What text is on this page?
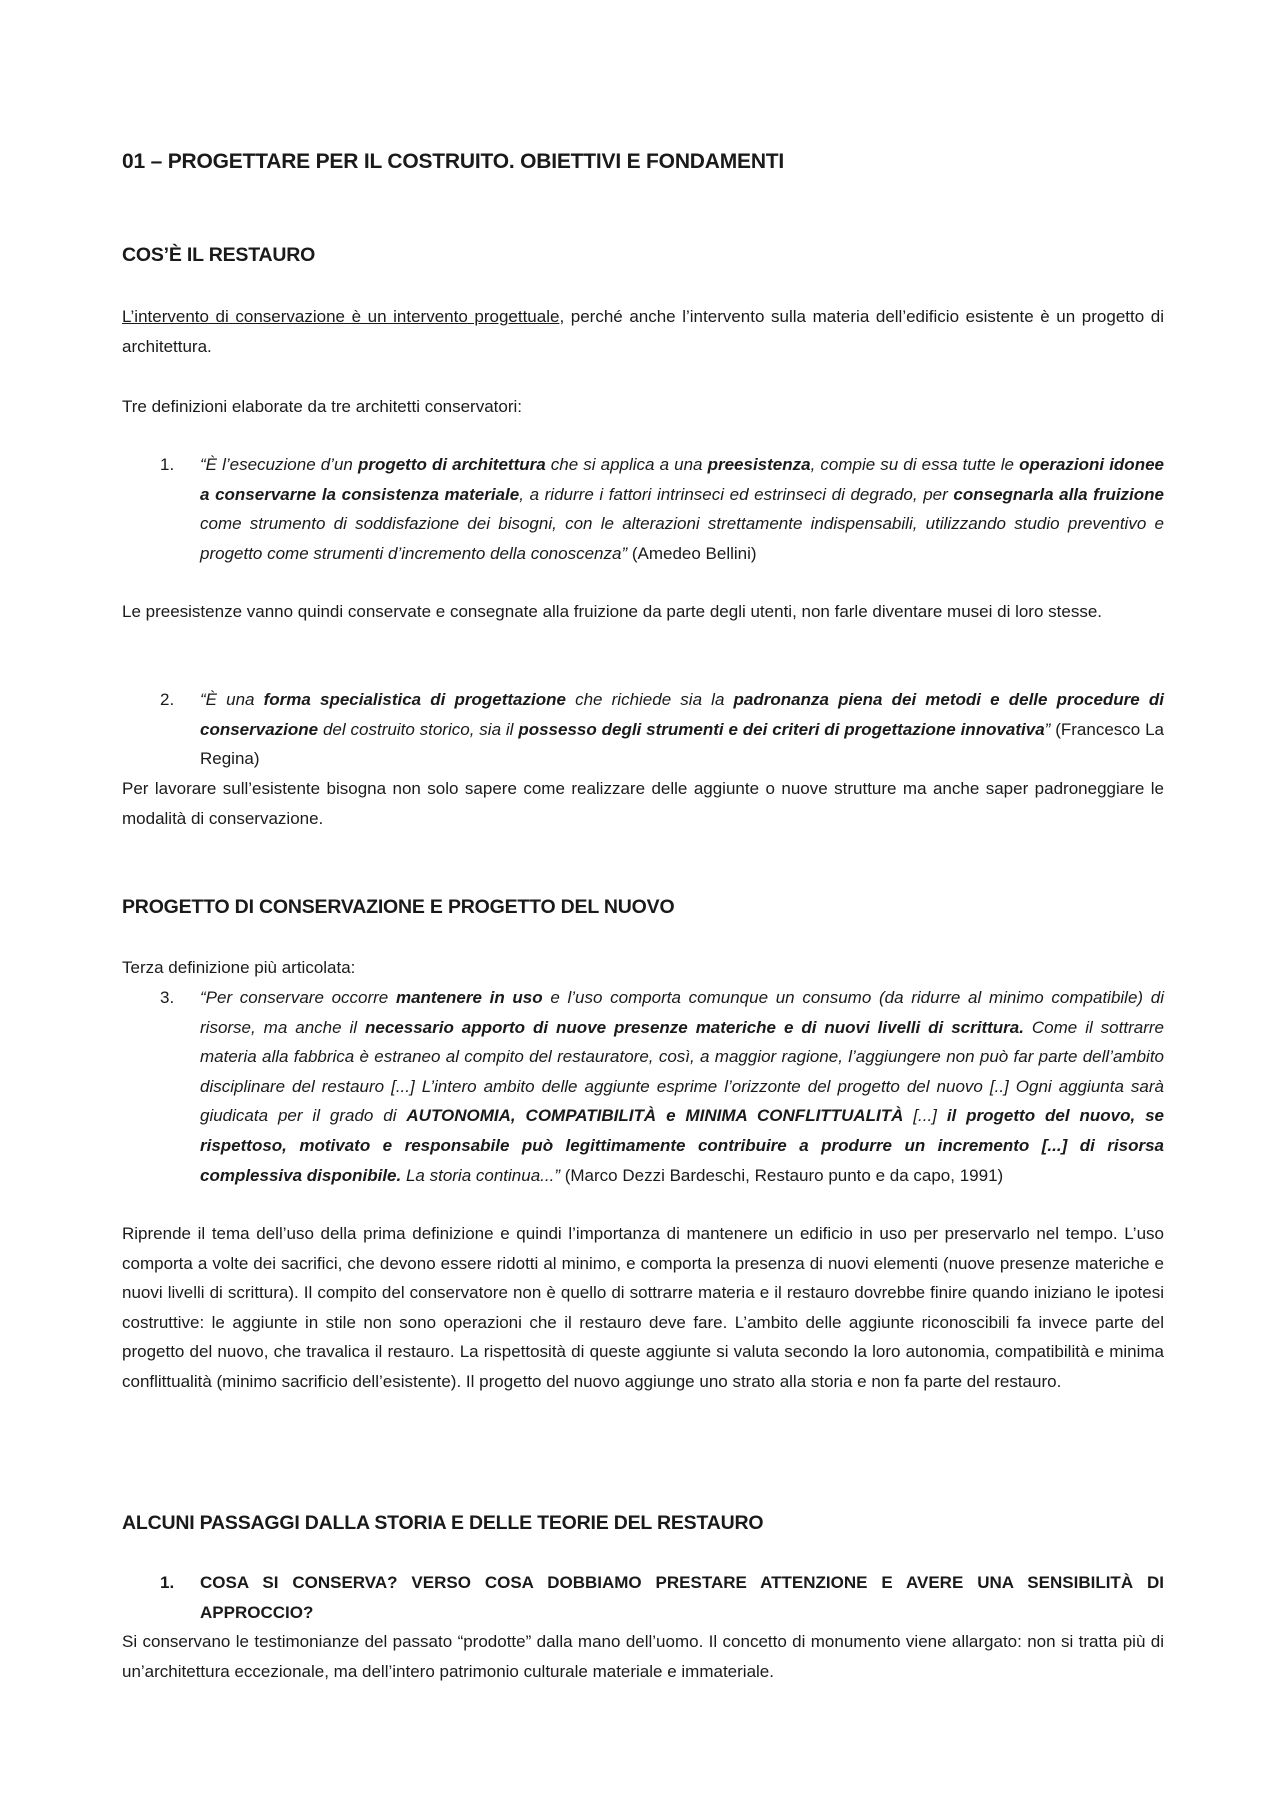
01 – PROGETTARE PER IL COSTRUITO. OBIETTIVI E FONDAMENTI
COS’È IL RESTAURO

L’intervento di conservazione è un intervento progettuale, perché anche l’intervento sulla materia dell’edificio esistente è un progetto di architettura.

Tre definizioni elaborate da tre architetti conservatori:

1. “È l’esecuzione d’un progetto di architettura che si applica a una preesistenza, compie su di essa tutte le operazioni idonee a conservarne la consistenza materiale, a ridurre i fattori intrinseci ed estrinseci di degrado, per consegnarla alla fruizione come strumento di soddisfazione dei bisogni, con le alterazioni strettamente indispensabili, utilizzando studio preventivo e progetto come strumenti d’incremento della conoscenza” (Amedeo Bellini)

Le preesistenze vanno quindi conservate e consegnate alla fruizione da parte degli utenti, non farle diventare musei di loro stesse.

2. “È una forma specialistica di progettazione che richiede sia la padronanza piena dei metodi e delle procedure di conservazione del costruito storico, sia il possesso degli strumenti e dei criteri di progettazione innovativa” (Francesco La Regina)

Per lavorare sull’esistente bisogna non solo sapere come realizzare delle aggiunte o nuove strutture ma anche saper padroneggiare le modalità di conservazione.

PROGETTO DI CONSERVAZIONE E PROGETTO DEL NUOVO

Terza definizione più articolata:

3. “Per conservare occorre mantenere in uso e l’uso comporta comunque un consumo (da ridurre al minimo compatibile) di risorse, ma anche il necessario apporto di nuove presenze materiche e di nuovi livelli di scrittura. Come il sottrarre materia alla fabbrica è estraneo al compito del restauratore, così, a maggior ragione, l’aggiungere non può far parte dell’ambito disciplinare del restauro [...] L’intero ambito delle aggiunte esprime l’orizzonte del progetto del nuovo [..] Ogni aggiunta sarà giudicata per il grado di AUTONOMIA, COMPATIBILITÀ e MINIMA CONFLITTUALITÀ [...] il progetto del nuovo, se rispettoso, motivato e responsabile può legittimamente contribuire a produrre un incremento [...] di risorsa complessiva disponibile. La storia continua...” (Marco Dezzi Bardeschi, Restauro punto e da capo, 1991)

Riprende il tema dell’uso della prima definizione e quindi l’importanza di mantenere un edificio in uso per preservarlo nel tempo. L’uso comporta a volte dei sacrifici, che devono essere ridotti al minimo, e comporta la presenza di nuovi elementi (nuove presenze materiche e nuovi livelli di scrittura). Il compito del conservatore non è quello di sottrarre materia e il restauro dovrebbe finire quando iniziano le ipotesi costruttive: le aggiunte in stile non sono operazioni che il restauro deve fare. L’ambito delle aggiunte riconoscibili fa invece parte del progetto del nuovo, che travalica il restauro. La rispettosità di queste aggiunte si valuta secondo la loro autonomia, compatibilità e minima conflittualità (minimo sacrificio dell’esistente). Il progetto del nuovo aggiunge uno strato alla storia e non fa parte del restauro.

ALCUNI PASSAGGI DALLA STORIA E DELLE TEORIE DEL RESTAURO
1. COSA SI CONSERVA? VERSO COSA DOBBIAMO PRESTARE ATTENZIONE E AVERE UNA SENSIBILITÀ DI APPROCCIO?

Si conservano le testimonianze del passato “prodotte” dalla mano dell’uomo. Il concetto di monumento viene allargato: non si tratta più di un’architettura eccezionale, ma dell’intero patrimonio culturale materiale e immateriale.
